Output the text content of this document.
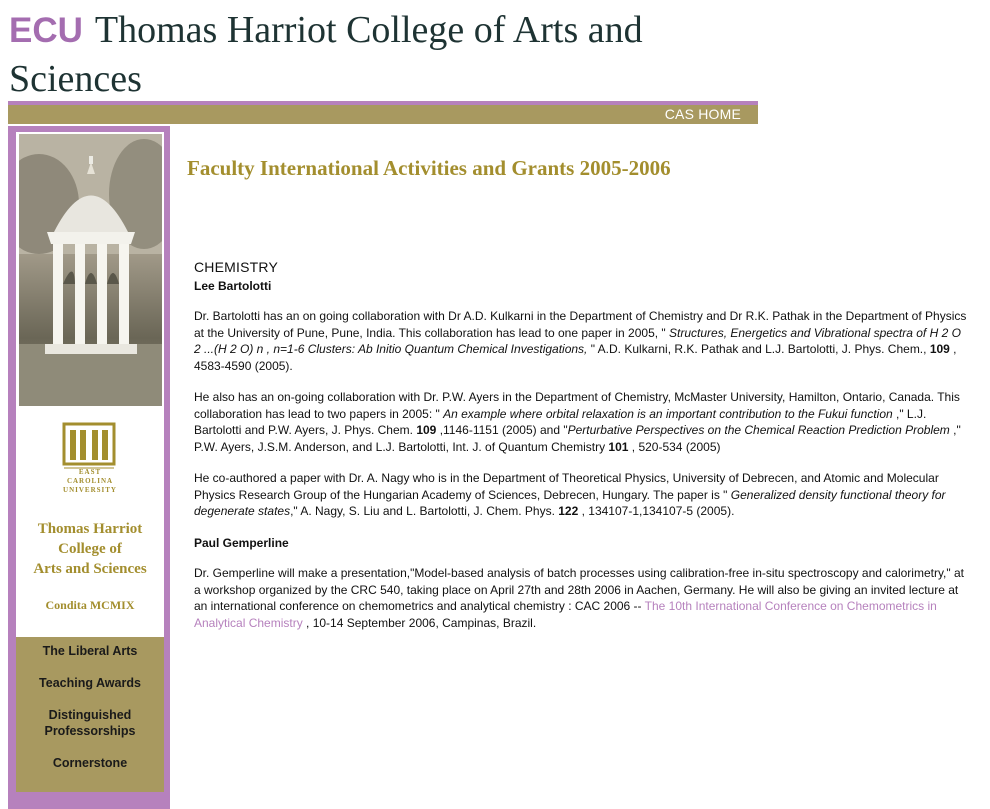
ECU Thomas Harriot College of Arts and Sciences
CAS HOME
EAST
CAROLINA
UNIVERSITY
Thomas Harriot
College of
Arts and Sciences
Condita MCMIX
The Liberal Arts
Teaching Awards
Distinguished Professorships
Cornerstone
Faculty International Activities and Grants 2005-2006
CHEMISTRY
Lee Bartolotti

Dr. Bartolotti has an on going collaboration with Dr A.D. Kulkarni in the Department of Chemistry and Dr R.K. Pathak in the Department of Physics at the University of Pune, Pune, India. This collaboration has lead to one paper in 2005, " Structures, Energetics and Vibrational spectra of H 2 O 2 ...(H 2 O) n , n=1-6 Clusters: Ab Initio Quantum Chemical Investigations, " A.D. Kulkarni, R.K. Pathak and L.J. Bartolotti, J. Phys. Chem., 109 , 4583-4590 (2005).

He also has an on-going collaboration with Dr. P.W. Ayers in the Department of Chemistry, McMaster University, Hamilton, Ontario, Canada. This collaboration has lead to two papers in 2005: " An example where orbital relaxation is an important contribution to the Fukui function ," L.J. Bartolotti and P.W. Ayers, J. Phys. Chem. 109 ,1146-1151 (2005) and "Perturbative Perspectives on the Chemical Reaction Prediction Problem ," P.W. Ayers, J.S.M. Anderson, and L.J. Bartolotti, Int. J. of Quantum Chemistry 101 , 520-534 (2005)

He co-authored a paper with Dr. A. Nagy who is in the Department of Theoretical Physics, University of Debrecen, and Atomic and Molecular Physics Research Group of the Hungarian Academy of Sciences, Debrecen, Hungary. The paper is " Generalized density functional theory for degenerate states," A. Nagy, S. Liu and L. Bartolotti, J. Chem. Phys. 122 , 134107-1,134107-5 (2005).

Paul Gemperline

Dr. Gemperline will make a presentation,"Model-based analysis of batch processes using calibration-free in-situ spectroscopy and calorimetry," at a workshop organized by the CRC 540, taking place on April 27th and 28th 2006 in Aachen, Germany. He will also be giving an invited lecture at an international conference on chemometrics and analytical chemistry : CAC 2006 -- The 10th International Conference on Chemometrics in Analytical Chemistry , 10-14 September 2006, Campinas, Brazil.
